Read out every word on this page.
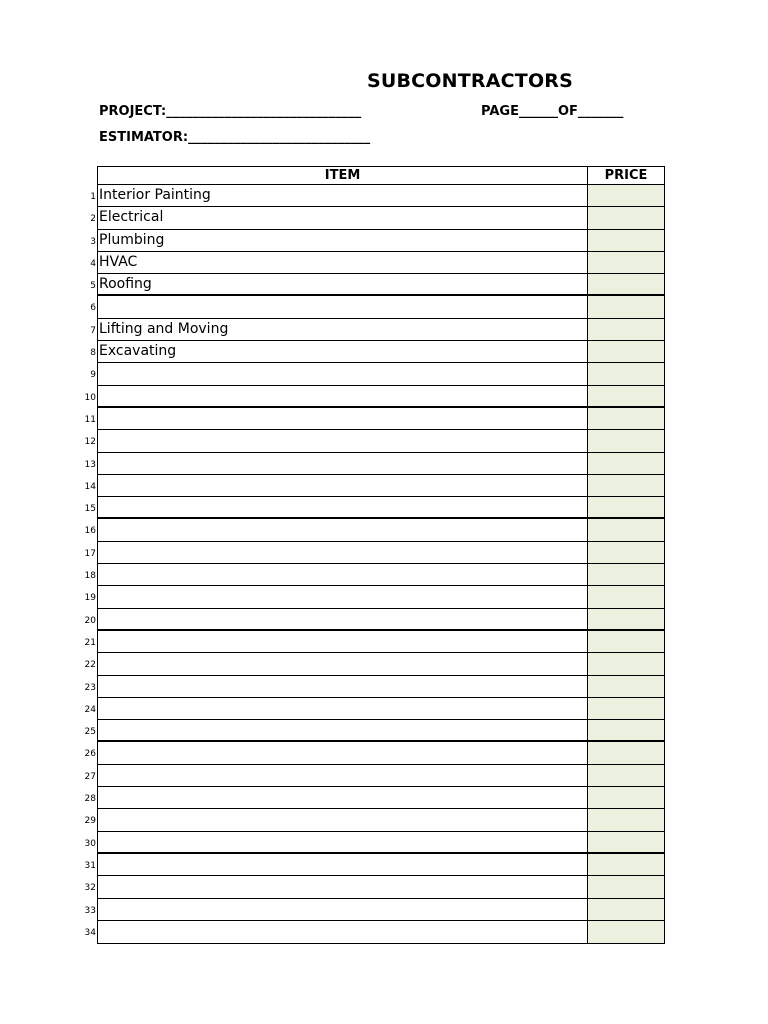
SUBCONTRACTORS
PROJECT:______________________________	PAGE______OF_______
ESTIMATOR:____________________________
ITEM	PRICE
1 Interior Painting
2 Electrical
3 Plumbing
4 HVAC
5 Roofing
6
7 Lifting and Moving
8 Excavating
9
10
11
12
13
14
15
16
17
18
19
20
21
22
23
24
25
26
27
28
29
30
31
32
33
34
